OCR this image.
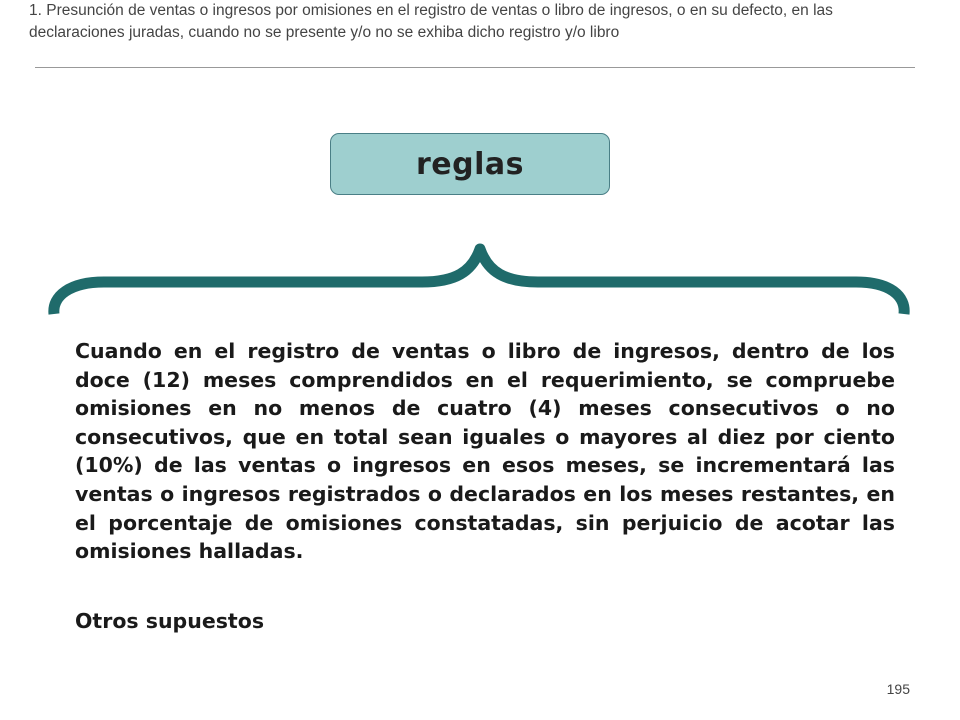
1. Presunción de ventas o ingresos por omisiones en el registro de ventas o libro de ingresos, o en su defecto, en las declaraciones juradas, cuando no se presente y/o no se exhiba dicho registro y/o libro
reglas

Cuando en el registro de ventas o libro de ingresos, dentro de los doce (12) meses comprendidos en el requerimiento, se compruebe omisiones en no menos de cuatro (4) meses consecutivos o no consecutivos, que en total sean iguales o mayores al diez por ciento (10%) de las ventas o ingresos en esos meses, se incrementará las ventas o ingresos registrados o declarados en los meses restantes, en el porcentaje de omisiones constatadas, sin perjuicio de acotar las omisiones halladas.

Otros supuestos

195
